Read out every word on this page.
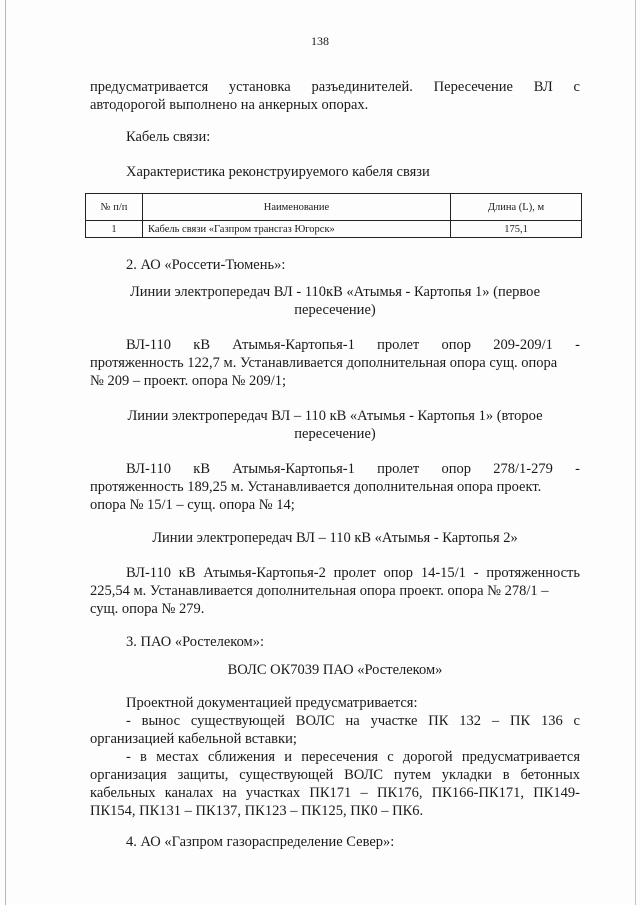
138

предусматривается установка разъединителей. Пересечение ВЛ с

автодорогой выполнено на анкерных опорах.

Кабель связи:

Характеристика реконструируемого кабеля связи

№ п/п	Наименование	Длина (L), м
1	Кабель связи «Газпром трансгаз Югорск»	175,1

2. АО «Россети-Тюмень»:

Линии электропередач ВЛ - 110кВ «Атымья - Картопья 1» (первое

пересечение)

ВЛ-110 кВ Атымья-Картопья-1 пролет опор 209-209/1 -

протяженность 122,7 м. Устанавливается дополнительная опора сущ. опора

№ 209 – проект. опора № 209/1;

Линии электропередач ВЛ – 110 кВ «Атымья - Картопья 1» (второе

пересечение)

ВЛ-110 кВ Атымья-Картопья-1 пролет опор 278/1-279 -

протяженность 189,25 м. Устанавливается дополнительная опора проект.

опора № 15/1 – сущ. опора № 14;

Линии электропередач ВЛ – 110 кВ «Атымья - Картопья 2»

ВЛ-110 кВ Атымья-Картопья-2 пролет опор 14-15/1 - протяженность

225,54 м. Устанавливается дополнительная опора проект. опора № 278/1 –

сущ. опора № 279.

3. ПАО «Ростелеком»:

ВОЛС ОК7039 ПАО «Ростелеком»

Проектной документацией предусматривается:

- вынос существующей ВОЛС на участке ПК 132 – ПК 136 с

организацией кабельной вставки;

- в местах сближения и пересечения с дорогой предусматривается

организация защиты, существующей ВОЛС путем укладки в бетонных

кабельных каналах на участках ПК171 – ПК176, ПК166-ПК171, ПК149-

ПК154, ПК131 – ПК137, ПК123 – ПК125, ПК0 – ПК6.

4. АО «Газпром газораспределение Север»:
